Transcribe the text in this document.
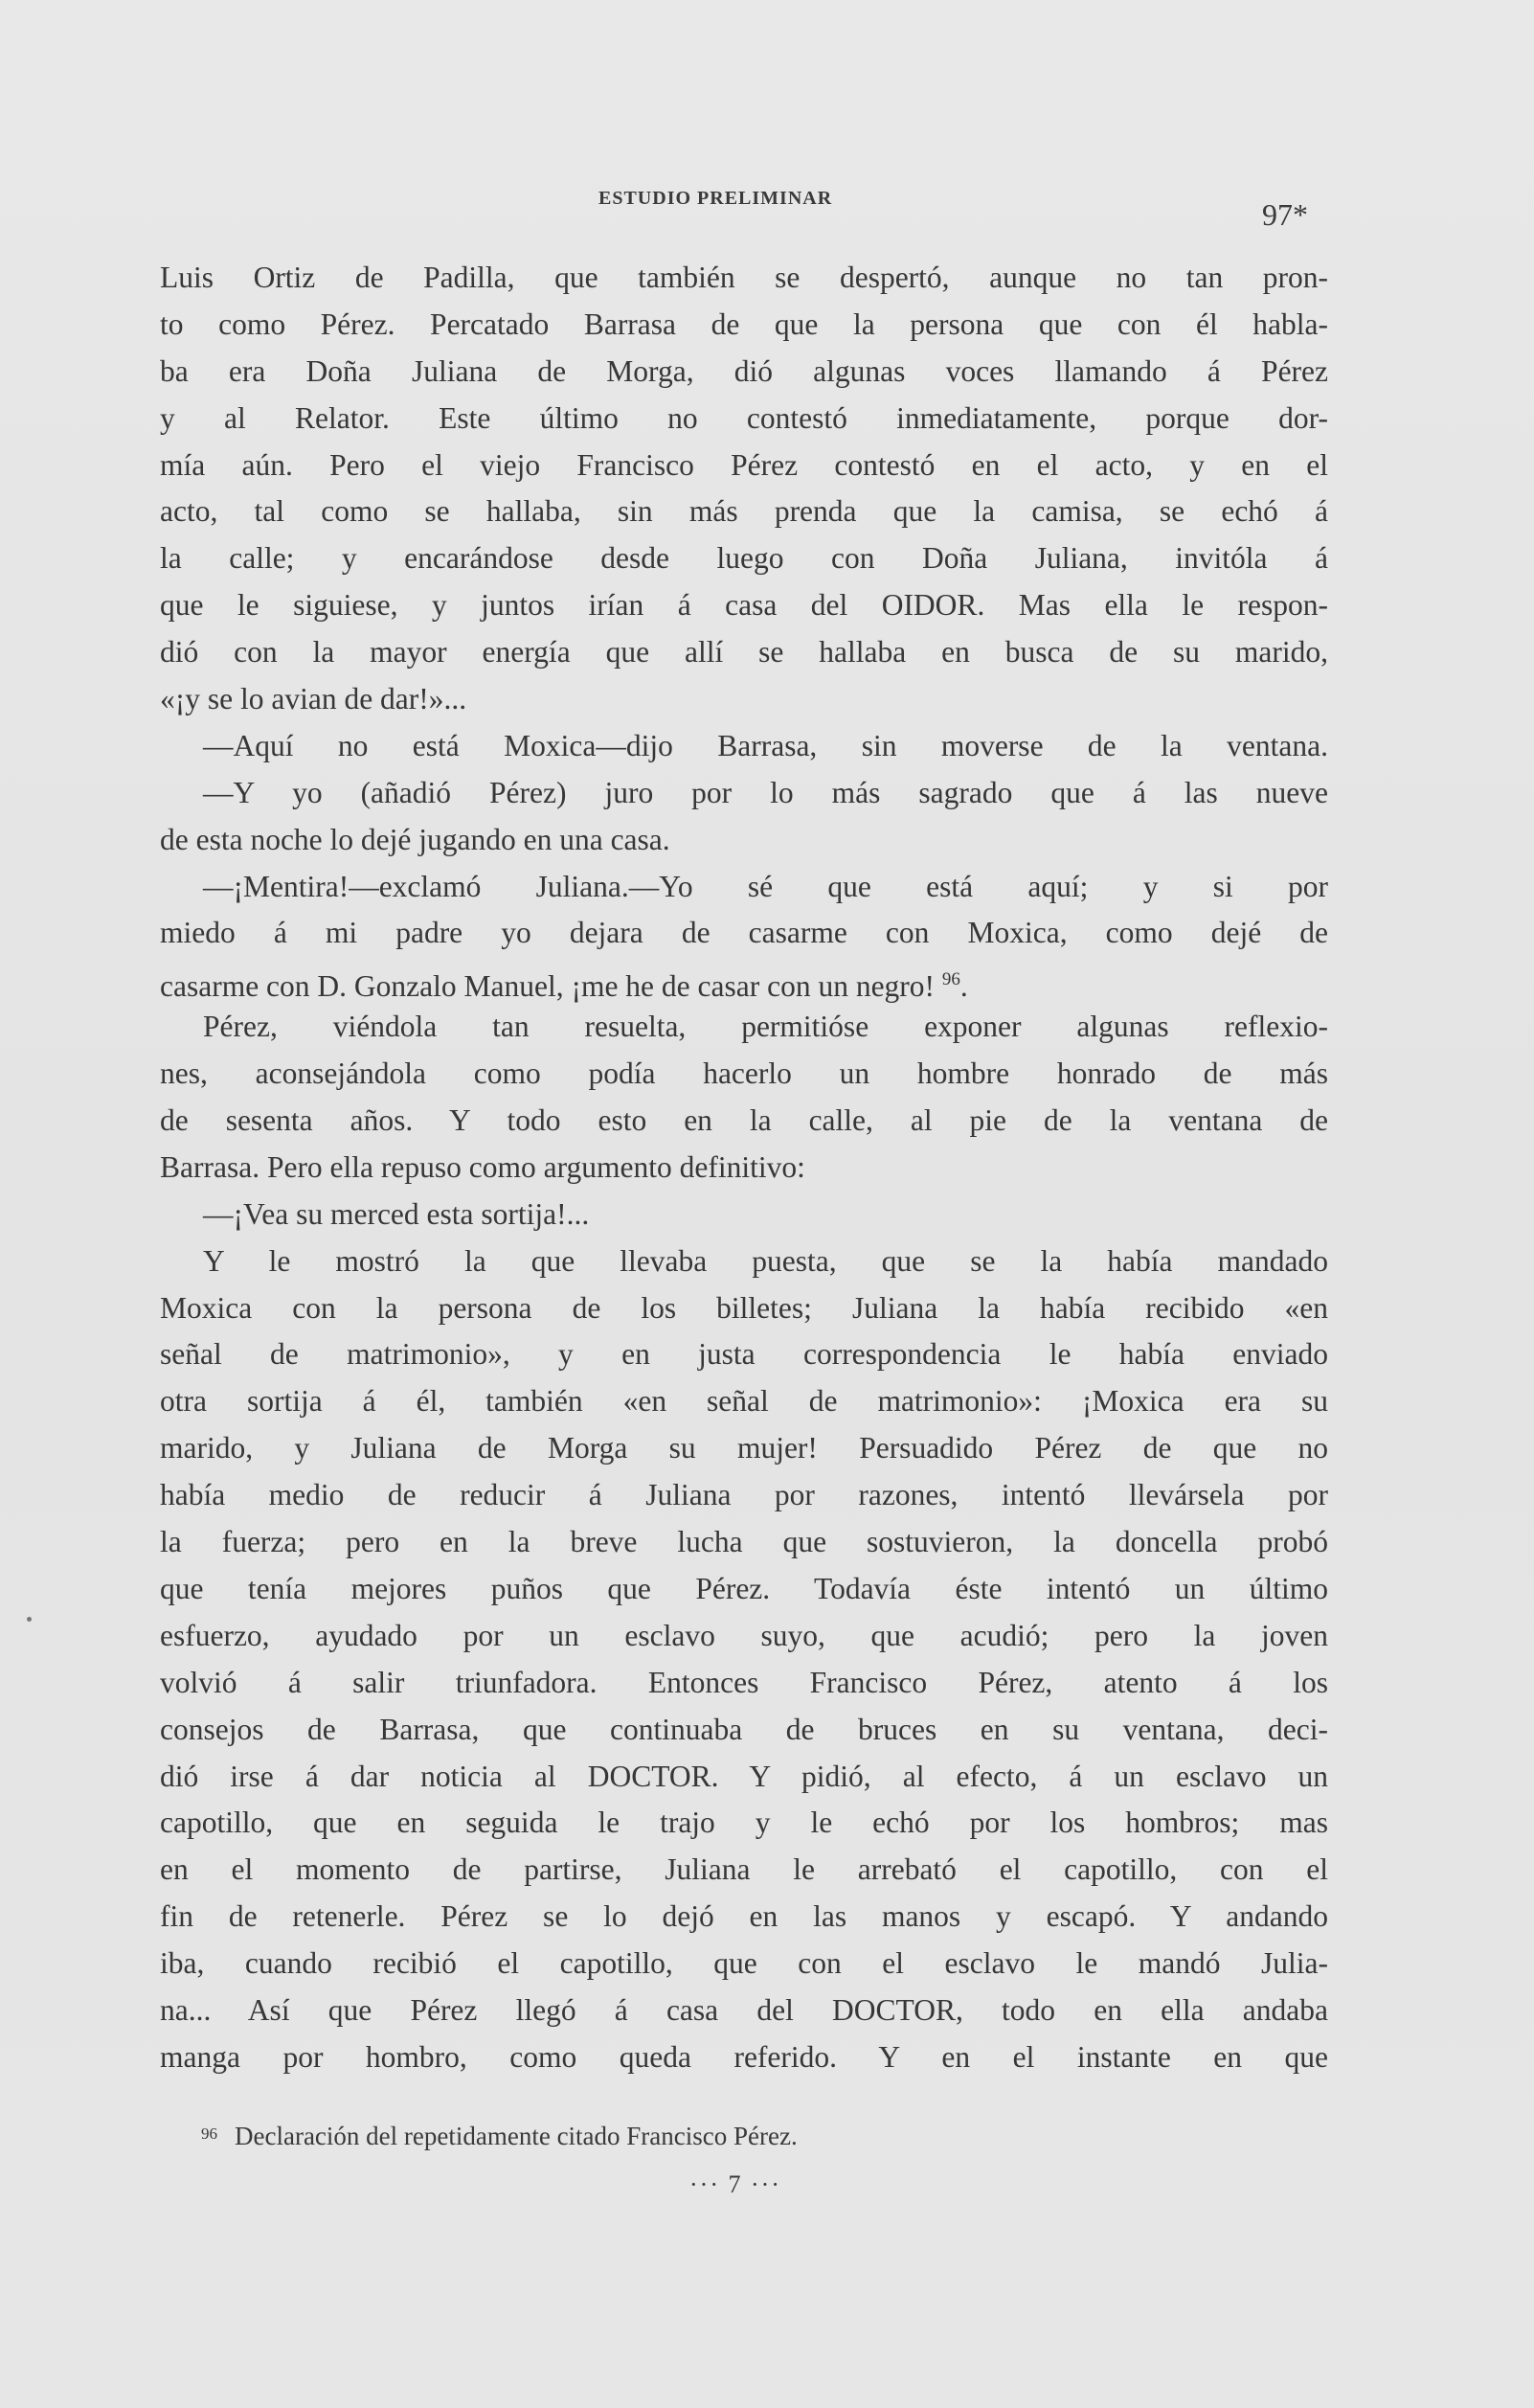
ESTUDIO PRELIMINAR	97*
Luis Ortiz de Padilla, que también se despertó, aunque no tan pron-
to como Pérez. Percatado Barrasa de que la persona que con él habla-
ba era Doña Juliana de Morga, dió algunas voces llamando á Pérez
y al Relator. Este último no contestó inmediatamente, porque dor-
mía aún. Pero el viejo Francisco Pérez contestó en el acto, y en el
acto, tal como se hallaba, sin más prenda que la camisa, se echó á
la calle; y encarándose desde luego con Doña Juliana, invitóla á
que le siguiese, y juntos irían á casa del OIDOR. Mas ella le respon-
dió con la mayor energía que allí se hallaba en busca de su marido,
«¡y se lo avian de dar!»...
—Aquí no está Moxica—dijo Barrasa, sin moverse de la ventana.
—Y yo (añadió Pérez) juro por lo más sagrado que á las nueve
de esta noche lo dejé jugando en una casa.
—¡Mentira!—exclamó Juliana.—Yo sé que está aquí; y si por
miedo á mi padre yo dejara de casarme con Moxica, como dejé de
casarme con D. Gonzalo Manuel, ¡me he de casar con un negro! $^{96}$.
Pérez, viéndola tan resuelta, permitióse exponer algunas reflexio-
nes, aconsejándola como podía hacerlo un hombre honrado de más
de sesenta años. Y todo esto en la calle, al pie de la ventana de
Barrasa. Pero ella repuso como argumento definitivo:
—¡Vea su merced esta sortija!...
Y le mostró la que llevaba puesta, que se la había mandado
Moxica con la persona de los billetes; Juliana la había recibido «en
señal de matrimonio», y en justa correspondencia le había enviado
otra sortija á él, también «en señal de matrimonio»: ¡Moxica era su
marido, y Juliana de Morga su mujer! Persuadido Pérez de que no
había medio de reducir á Juliana por razones, intentó llevársela por
la fuerza; pero en la breve lucha que sostuvieron, la doncella probó
que tenía mejores puños que Pérez. Todavía éste intentó un último
esfuerzo, ayudado por un esclavo suyo, que acudió; pero la joven
volvió á salir triunfadora. Entonces Francisco Pérez, atento á los
consejos de Barrasa, que continuaba de bruces en su ventana, deci-
dió irse á dar noticia al DOCTOR. Y pidió, al efecto, á un esclavo un
capotillo, que en seguida le trajo y le echó por los hombros; mas
en el momento de partirse, Juliana le arrebató el capotillo, con el
fin de retenerle. Pérez se lo dejó en las manos y escapó. Y andando
iba, cuando recibió el capotillo, que con el esclavo le mandó Julia-
na... Así que Pérez llegó á casa del DOCTOR, todo en ella andaba
manga por hombro, como queda referido. Y en el instante en que
$^{96}$ Declaración del repetidamente citado Francisco Pérez.
··· 7 ···
